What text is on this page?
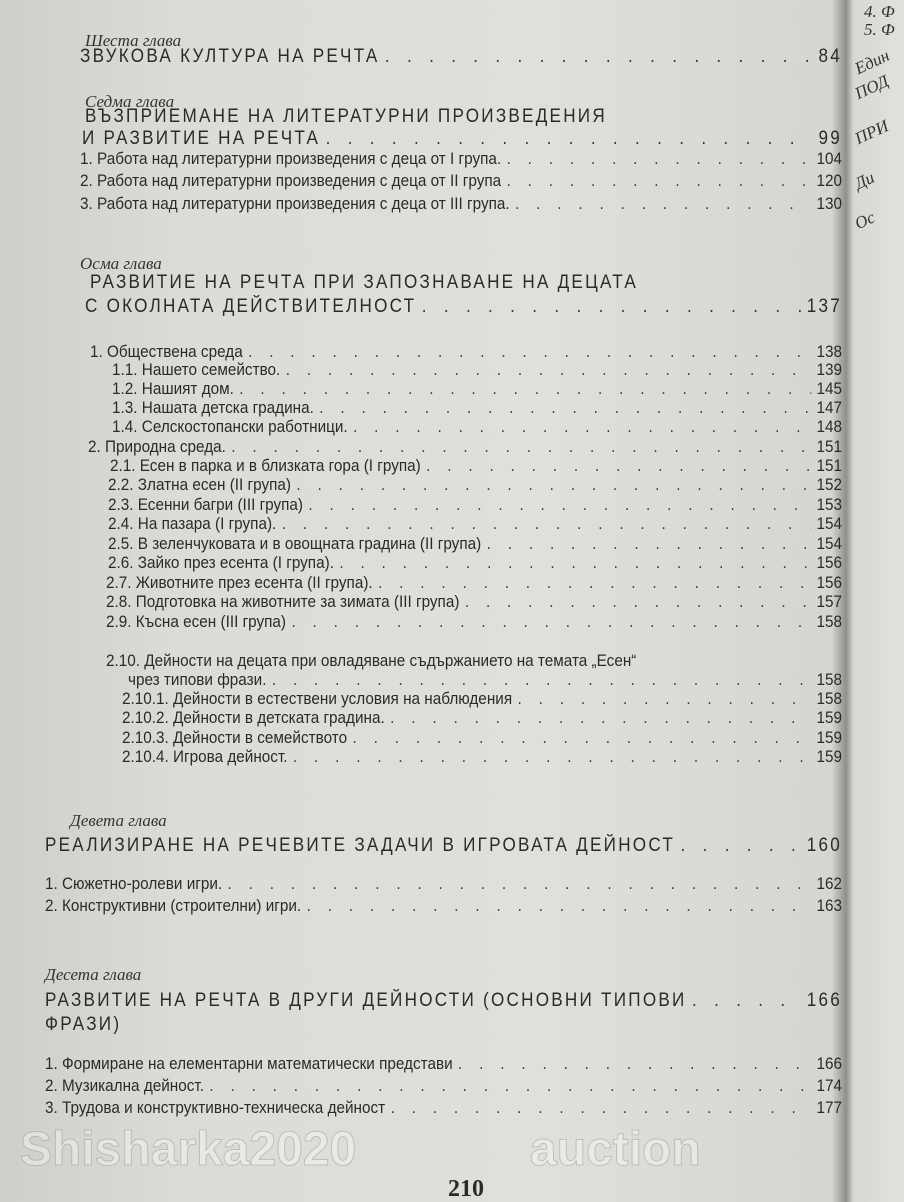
Шеста глава
ЗВУКОВА КУЛТУРА НА РЕЧТА . . .	84
Седма глава
ВЪЗПРИЕМАНЕ НА ЛИТЕРАТУРНИ ПРОИЗВЕДЕНИЯ
И РАЗВИТИЕ НА РЕЧТА . . .	99
1. Работа над литературни произведения с деца от I група. . . .	104
2. Работа над литературни произведения с деца от II група . . .	120
3. Работа над литературни произведения с деца от III група. . . .	130
Осма глава
РАЗВИТИЕ НА РЕЧТА ПРИ ЗАПОЗНАВАНЕ НА ДЕЦАТА
С ОКОЛНАТА ДЕЙСТВИТЕЛНОСТ . . .	137
1. Обществена среда . . .	138
1.1. Нашето семейство. . . .	139
1.2. Нашият дом. . . .	145
1.3. Нашата детска градина. . . .	147
1.4. Селскостопански работници. . . .	148
2. Природна среда. . . .	151
2.1. Есен в парка и в близката гора (I група) . . .	151
2.2. Златна есен (II група) . . .	152
2.3. Есенни багри (III група) . . .	153
2.4. На пазара (I група). . . .	154
2.5. В зеленчуковата и в овощната градина (II група) . . .	154
2.6. Зайко през есента (I група). . . .	156
2.7. Животните през есента (II група). . . .	156
2.8. Подготовка на животните за зимата (III група) . . .	157
2.9. Късна есен (III група) . . .	158
2.10. Дейности на децата при овладяване съдържанието на темата „Есен“
чрез типови фрази. . . .	158
2.10.1. Дейности в естествени условия на наблюдения . . .	158
2.10.2. Дейности в детската градина. . . .	159
2.10.3. Дейности в семейството . . .	159
2.10.4. Игрова дейност. . . .	159
Девета глава
РЕАЛИЗИРАНЕ НА РЕЧЕВИТЕ ЗАДАЧИ В ИГРОВАТА ДЕЙНОСТ . . .	160
1. Сюжетно-ролеви игри. . . .	162
2. Конструктивни (строителни) игри. . . .	163
Десета глава
РАЗВИТИЕ НА РЕЧТА В ДРУГИ ДЕЙНОСТИ (ОСНОВНИ ТИПОВИ . . .	166
ФРАЗИ)
1. Формиране на елементарни математически представи . . .	166
2. Музикална дейност. . . .	174
3. Трудова и конструктивно-техническа дейност . . .	177
210
auction
Shisharka2020
4. Ф
5. Ф
Един
ПОД
ПРИ
Ди
Ос
